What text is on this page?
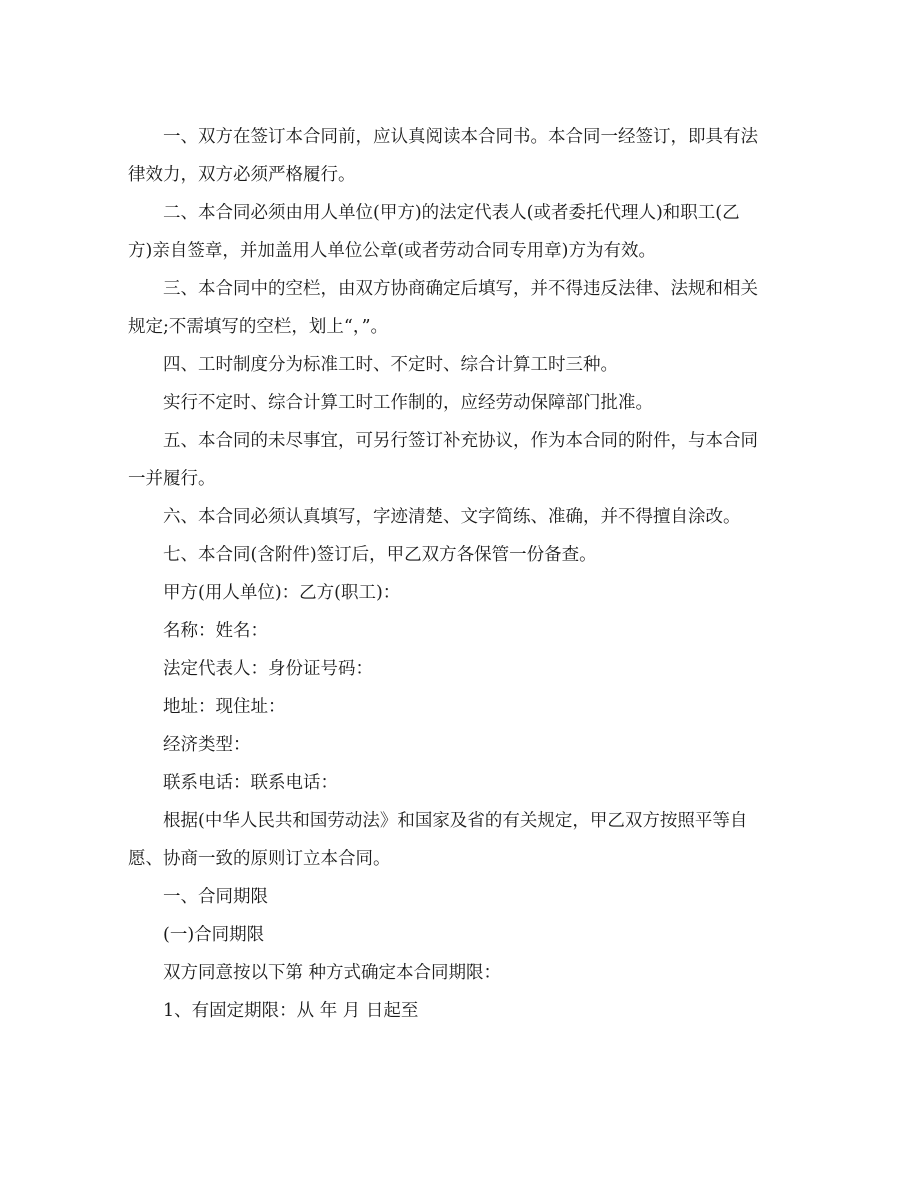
一、双方在签订本合同前，应认真阅读本合同书。本合同一经签订，即具有法
律效力，双方必须严格履行。
二、本合同必须由用人单位(甲方)的法定代表人(或者委托代理人)和职工(乙
方)亲自签章，并加盖用人单位公章(或者劳动合同专用章)方为有效。
三、本合同中的空栏，由双方协商确定后填写，并不得违反法律、法规和相关
规定;不需填写的空栏，划上“，”。
四、工时制度分为标准工时、不定时、综合计算工时三种。
实行不定时、综合计算工时工作制的，应经劳动保障部门批准。
五、本合同的未尽事宜，可另行签订补充协议，作为本合同的附件，与本合同
一并履行。
六、本合同必须认真填写，字迹清楚、文字简练、准确，并不得擅自涂改。
七、本合同(含附件)签订后，甲乙双方各保管一份备查。
甲方(用人单位)：乙方(职工)：
名称：姓名：
法定代表人：身份证号码：
地址：现住址：
经济类型：
联系电话：联系电话：
根据(中华人民共和国劳动法》和国家及省的有关规定，甲乙双方按照平等自
愿、协商一致的原则订立本合同。
一、合同期限
(一)合同期限
双方同意按以下第 种方式确定本合同期限：
1、有固定期限：从 年 月 日起至
